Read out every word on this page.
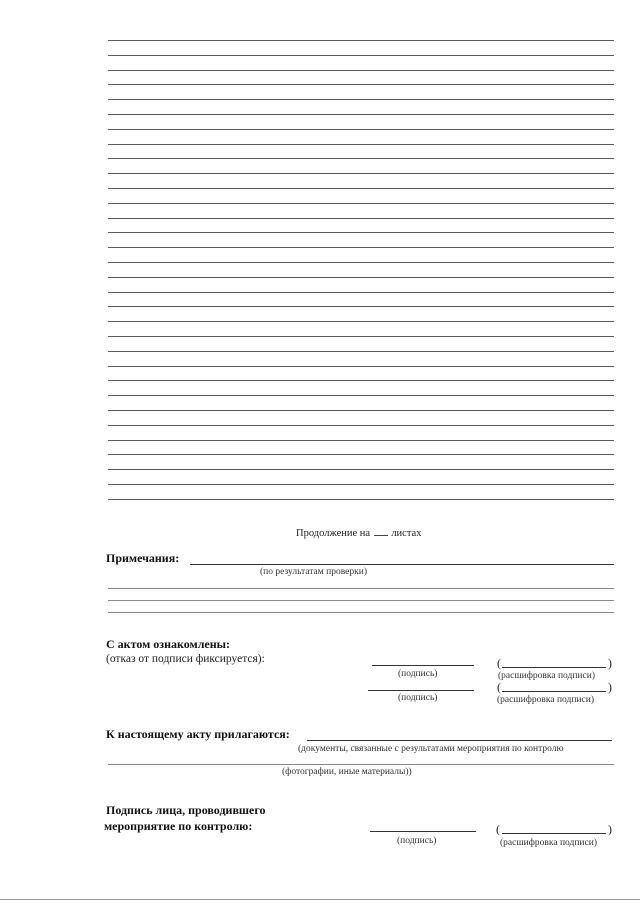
Продолжение на листах
Примечания:
(по результатам проверки)
С актом ознакомлены:
(отказ от подписи фиксируется):	(	)
(подпись)	(расшифровка подписи)
(	)
(подпись)	(расшифровка подписи)
К настоящему акту прилагаются:
(документы, связанные с результатами мероприятия по контролю
(фотографии, иные материалы))
Подпись лица, проводившего
мероприятие по контролю:	(	)
(подпись)	(расшифровка подписи)
